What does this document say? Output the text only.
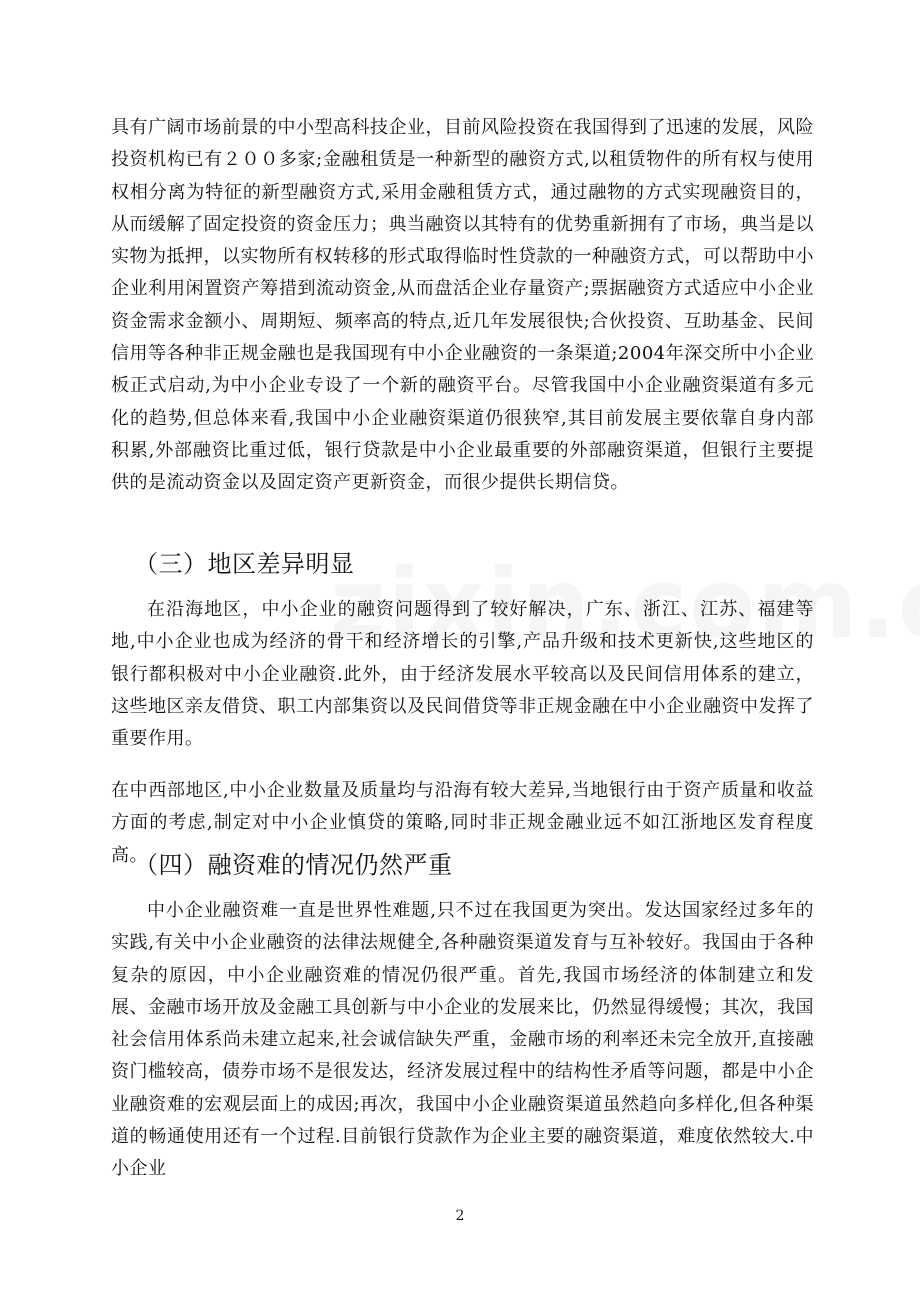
具有广阔市场前景的中小型高科技企业，目前风险投资在我国得到了迅速的发展，风险投资机构已有２００多家;金融租赁是一种新型的融资方式,以租赁物件的所有权与使用权相分离为特征的新型融资方式,采用金融租赁方式，通过融物的方式实现融资目的，从而缓解了固定投资的资金压力；典当融资以其特有的优势重新拥有了市场，典当是以实物为抵押，以实物所有权转移的形式取得临时性贷款的一种融资方式，可以帮助中小企业利用闲置资产筹措到流动资金,从而盘活企业存量资产;票据融资方式适应中小企业资金需求金额小、周期短、频率高的特点,近几年发展很快;合伙投资、互助基金、民间信用等各种非正规金融也是我国现有中小企业融资的一条渠道;2004年深交所中小企业板正式启动,为中小企业专设了一个新的融资平台。尽管我国中小企业融资渠道有多元化的趋势,但总体来看,我国中小企业融资渠道仍很狭窄,其目前发展主要依靠自身内部积累,外部融资比重过低，银行贷款是中小企业最重要的外部融资渠道，但银行主要提供的是流动资金以及固定资产更新资金，而很少提供长期信贷。

（三）地区差异明显

在沿海地区，中小企业的融资问题得到了较好解决，广东、浙江、江苏、福建等地,中小企业也成为经济的骨干和经济增长的引擎,产品升级和技术更新快,这些地区的银行都积极对中小企业融资.此外，由于经济发展水平较高以及民间信用体系的建立，这些地区亲友借贷、职工内部集资以及民间借贷等非正规金融在中小企业融资中发挥了重要作用。

在中西部地区,中小企业数量及质量均与沿海有较大差异,当地银行由于资产质量和收益方面的考虑,制定对中小企业慎贷的策略,同时非正规金融业远不如江浙地区发育程度高。

（四）融资难的情况仍然严重

中小企业融资难一直是世界性难题,只不过在我国更为突出。发达国家经过多年的实践,有关中小企业融资的法律法规健全,各种融资渠道发育与互补较好。我国由于各种复杂的原因，中小企业融资难的情况仍很严重。首先,我国市场经济的体制建立和发展、金融市场开放及金融工具创新与中小企业的发展来比，仍然显得缓慢；其次，我国社会信用体系尚未建立起来,社会诚信缺失严重，金融市场的利率还未完全放开,直接融资门槛较高，债券市场不是很发达，经济发展过程中的结构性矛盾等问题，都是中小企业融资难的宏观层面上的成因;再次，我国中小企业融资渠道虽然趋向多样化,但各种渠道的畅通使用还有一个过程.目前银行贷款作为企业主要的融资渠道，难度依然较大.中小企业

2
